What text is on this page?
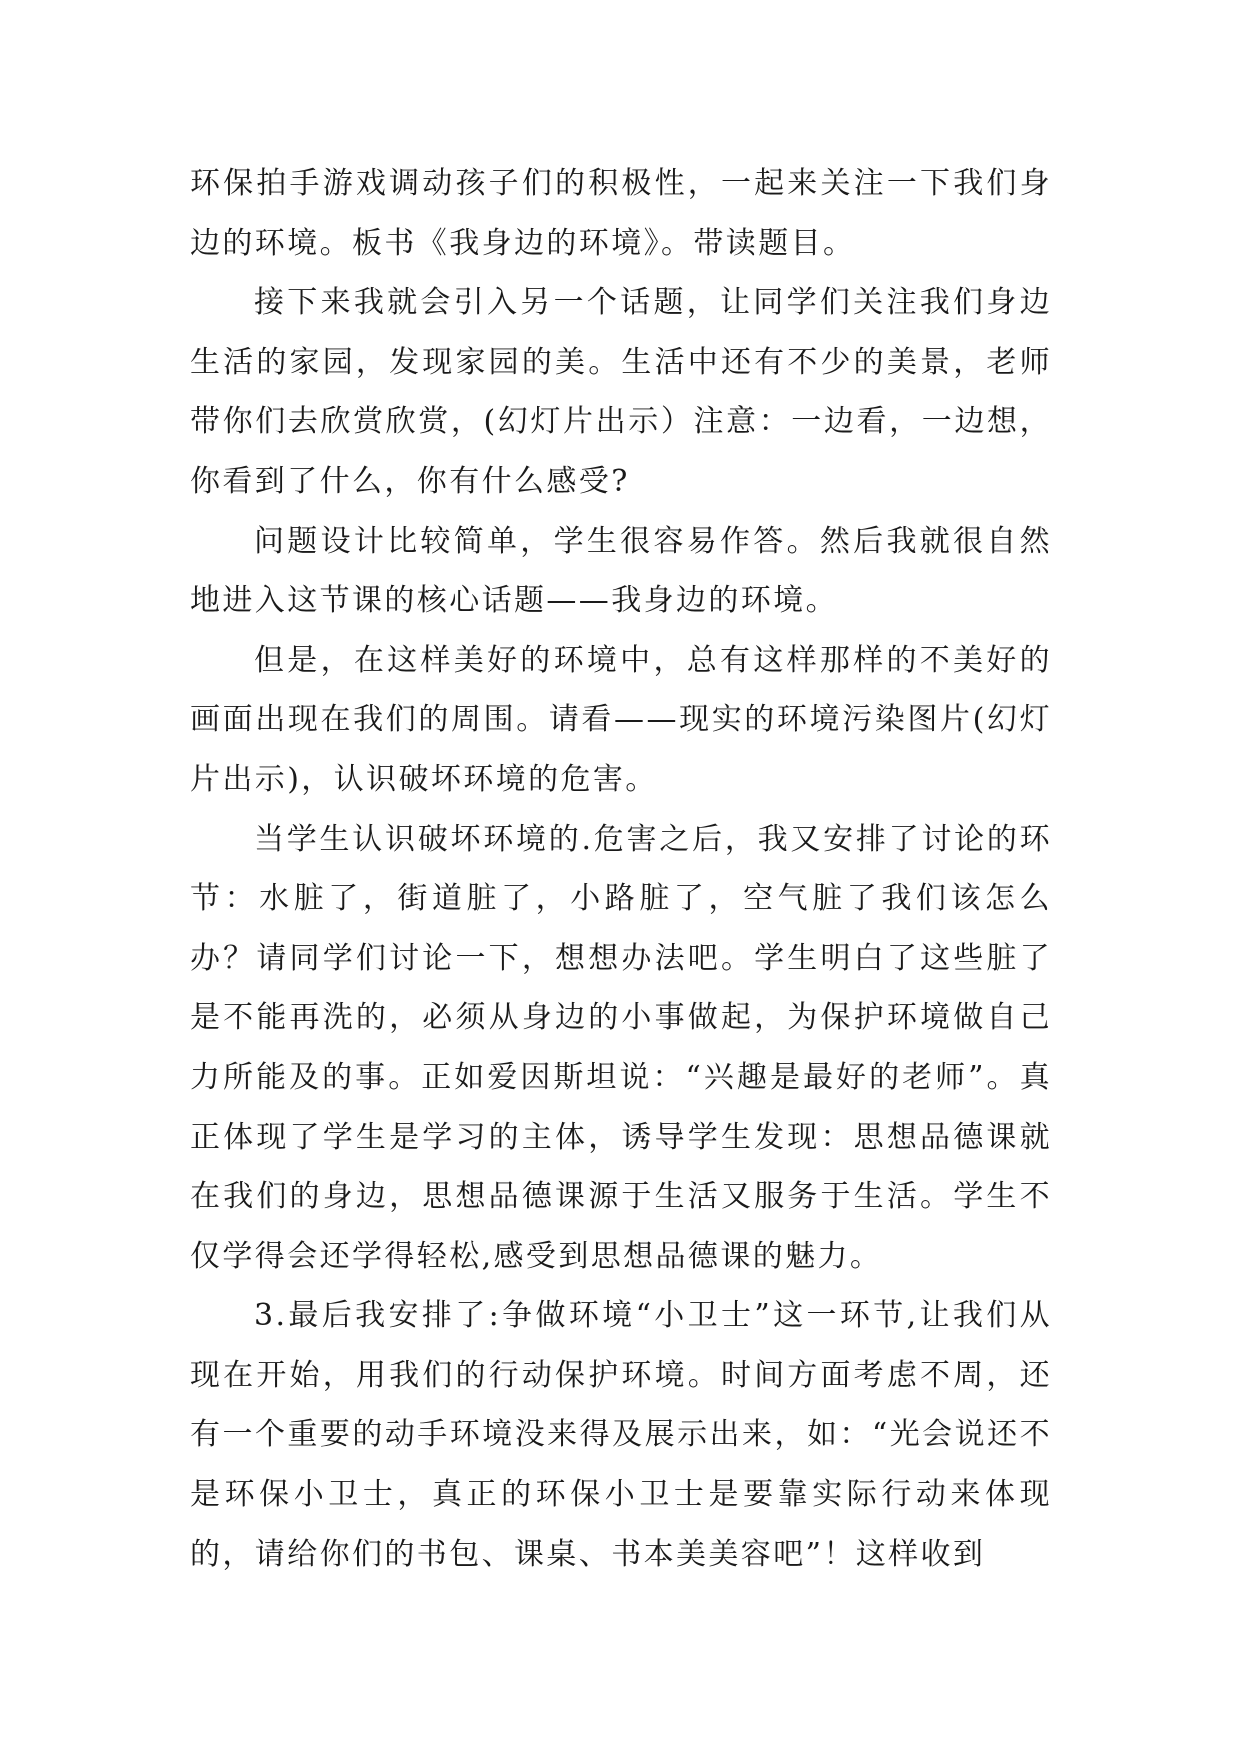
环保拍手游戏调动孩子们的积极性，一起来关注一下我们身边的环境。板书《我身边的环境》。带读题目。

接下来我就会引入另一个话题，让同学们关注我们身边生活的家园，发现家园的美。生活中还有不少的美景，老师带你们去欣赏欣赏，(幻灯片出示）注意：一边看，一边想，你看到了什么，你有什么感受?

问题设计比较简单，学生很容易作答。然后我就很自然地进入这节课的核心话题——我身边的环境。

但是，在这样美好的环境中，总有这样那样的不美好的画面出现在我们的周围。请看——现实的环境污染图片(幻灯片出示)，认识破坏环境的危害。

当学生认识破坏环境的.危害之后，我又安排了讨论的环节：水脏了，街道脏了，小路脏了，空气脏了我们该怎么办？请同学们讨论一下，想想办法吧。学生明白了这些脏了是不能再洗的，必须从身边的小事做起，为保护环境做自己力所能及的事。正如爱因斯坦说：“兴趣是最好的老师”。真正体现了学生是学习的主体，诱导学生发现：思想品德课就在我们的身边，思想品德课源于生活又服务于生活。学生不仅学得会还学得轻松,感受到思想品德课的魅力。

3.最后我安排了:争做环境“小卫士”这一环节,让我们从现在开始，用我们的行动保护环境。时间方面考虑不周，还有一个重要的动手环境没来得及展示出来，如：“光会说还不是环保小卫士，真正的环保小卫士是要靠实际行动来体现的，请给你们的书包、课桌、书本美美容吧”！这样收到
